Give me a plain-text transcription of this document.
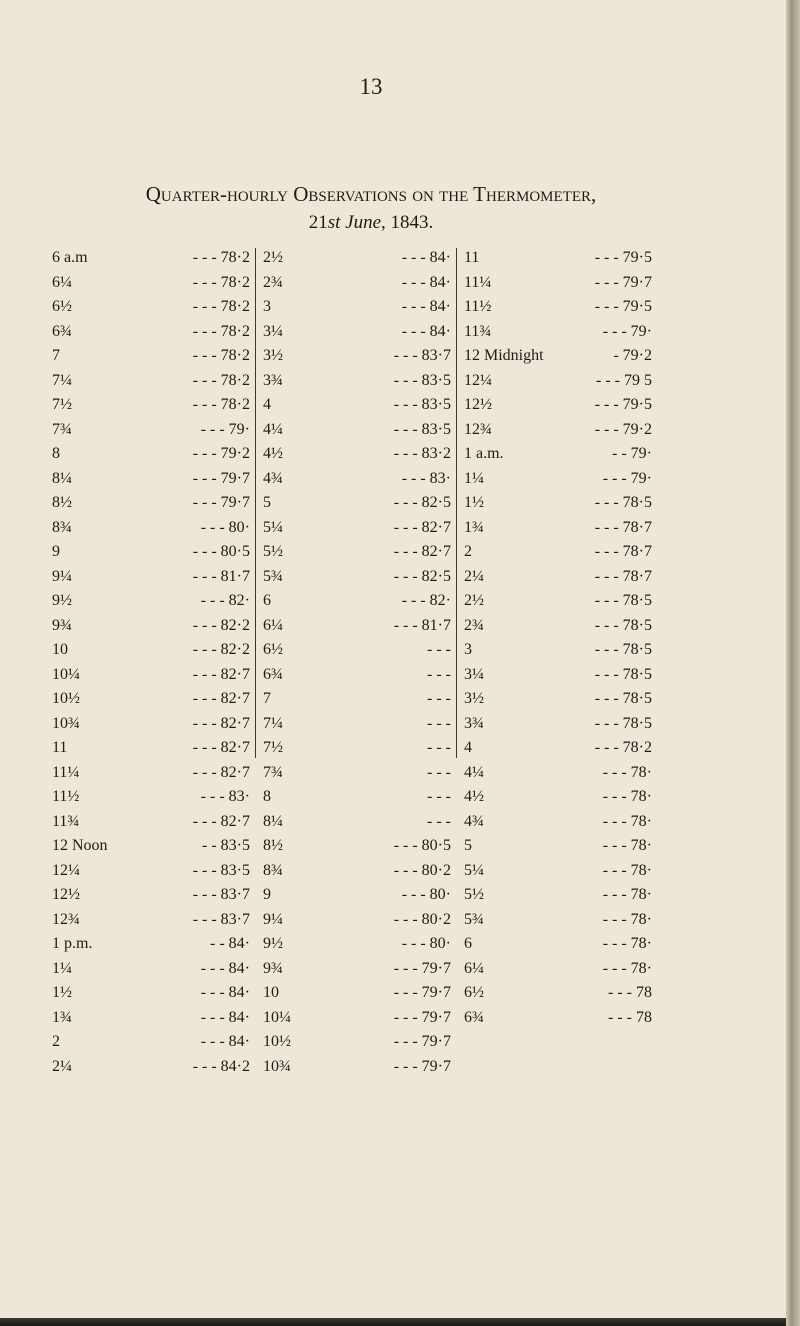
13
Quarter-hourly Observations on the Thermometer,
21st June, 1843.
6 a.m	- - - 78·2
6¼	- - - 78·2
6½	- - - 78·2
6¾	- - - 78·2
7	- - - 78·2
7¼	- - - 78·2
7½	- - - 78·2
7¾	- - - 79·
8	- - - 79·2
8¼	- - - 79·7
8½	- - - 79·7
8¾	- - - 80·
9	- - - 80·5
9¼	- - - 81·7
9½	- - - 82·
9¾	- - - 82·2
10	- - - 82·2
10¼	- - - 82·7
10½	- - - 82·7
10¾	- - - 82·7
11	- - - 82·7
11¼	- - - 82·7
11½	- - - 83·
11¾	- - - 82·7
12 Noon	- - 83·5
12¼	- - - 83·5
12½	- - - 83·7
12¾	- - - 83·7
1 p.m.	- - 84·
1¼	- - - 84·
1½	- - - 84·
1¾	- - - 84·
2	- - - 84·
2¼	- - - 84·2
2½	- - - 84·
2¾	- - - 84·
3	- - - 84·
3¼	- - - 84·
3½	- - - 83·7
3¾	- - - 83·5
4	- - - 83·5
4¼	- - - 83·5
4½	- - - 83·2
4¾	- - - 83·
5	- - - 82·5
5¼	- - - 82·7
5½	- - - 82·7
5¾	- - - 82·5
6	- - - 82·
6¼	- - - 81·7
6½	- - -
6¾	- - -
7	- - -
7¼	- - -
7½	- - -
7¾	- - -
8	- - -
8¼	- - -
8½	- - - 80·5
8¾	- - - 80·2
9	- - - 80·
9¼	- - - 80·2
9½	- - - 80·
9¾	- - - 79·7
10	- - - 79·7
10¼	- - - 79·7
10½	- - - 79·7
10¾	- - - 79·7
11	- - - 79·5
11¼	- - - 79·7
11½	- - - 79·5
11¾	- - - 79·
12 Midnight	- 79·2
12¼	- - - 79 5
12½	- - - 79·5
12¾	- - - 79·2
1 a.m.	- - 79·
1¼	- - - 79·
1½	- - - 78·5
1¾	- - - 78·7
2	- - - 78·7
2¼	- - - 78·7
2½	- - - 78·5
2¾	- - - 78·5
3	- - - 78·5
3¼	- - - 78·5
3½	- - - 78·5
3¾	- - - 78·5
4	- - - 78·2
4¼	- - - 78·
4½	- - - 78·
4¾	- - - 78·
5	- - - 78·
5¼	- - - 78·
5½	- - - 78·
5¾	- - - 78·
6	- - - 78·
6¼	- - - 78·
6½	- - - 78
6¾	- - - 78
